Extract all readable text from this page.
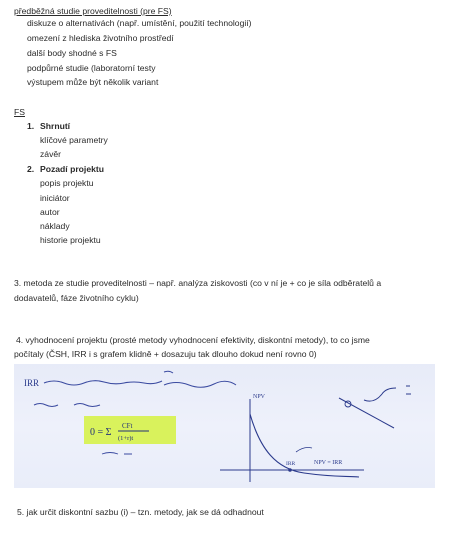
předběžná studie proveditelnosti (pre FS)
diskuze o alternativách (např. umístění, použití technologií)
omezení z hlediska životního prostředí
další body shodné s FS
podpůrné studie (laboratorní testy
výstupem může být několik variant
FS
1. Shrnutí
klíčové parametry
závěr
2. Pozadí projektu
popis projektu
iniciátor
autor
náklady
historie projektu
3. metoda ze studie proveditelnosti – např. analýza ziskovosti (co v ní je + co je síla odběratelů a
dodavatelů, fáze životního cyklu)
4. vyhodnocení projektu (prosté metody vyhodnocení efektivity, diskontní metody), to co jsme
počítaly (ČSH, IRR i s grafem klidně + dosazuju tak dlouho dokud není rovno 0)
IRR
0 = Σ
CFt
(1+r)t
NPV
IRR	NPV = IRR
5. jak určit diskontní sazbu (i) – tzn. metody, jak se dá odhadnout
